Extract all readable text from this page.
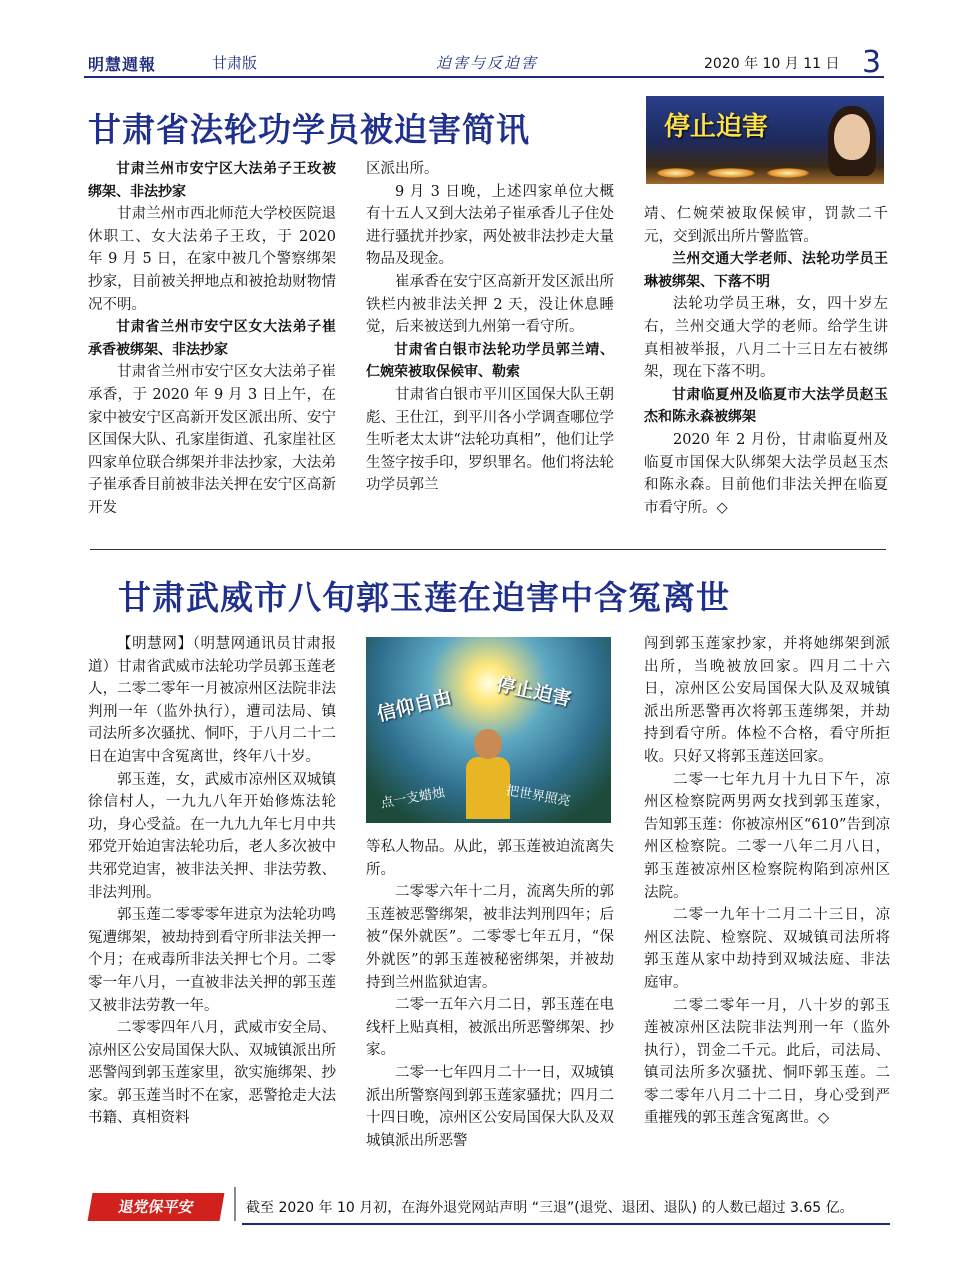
明慧週報	甘肃版	迫害与反迫害	2020 年 10 月 11 日 3
甘肃省法轮功学员被迫害简讯	停止迫害

甘肃兰州市安宁区大法弟子王玫被绑架、非法抄家

甘肃兰州市西北师范大学校医院退休职工、女大法弟子王玫，于 2020 年 9 月 5 日，在家中被几个警察绑架抄家，目前被关押地点和被抢劫财物情况不明。

甘肃省兰州市安宁区女大法弟子崔承香被绑架、非法抄家

甘肃省兰州市安宁区女大法弟子崔承香，于 2020 年 9 月 3 日上午，在家中被安宁区高新开发区派出所、安宁区国保大队、孔家崖街道、孔家崖社区四家单位联合绑架并非法抄家，大法弟子崔承香目前被非法关押在安宁区高新开发

区派出所。

9 月 3 日晚，上述四家单位大概有十五人又到大法弟子崔承香儿子住处进行骚扰并抄家，两处被非法抄走大量物品及现金。

崔承香在安宁区高新开发区派出所铁栏内被非法关押 2 天，没让休息睡觉，后来被送到九州第一看守所。

甘肃省白银市法轮功学员郭兰靖、仁婉荣被取保候审、勒索

甘肃省白银市平川区国保大队王朝彪、王仕江，到平川各小学调查哪位学生听老太太讲“法轮功真相”，他们让学生签字按手印，罗织罪名。他们将法轮功学员郭兰

靖、仁婉荣被取保候审，罚款二千元，交到派出所片警监管。

兰州交通大学老师、法轮功学员王琳被绑架、下落不明

法轮功学员王琳，女，四十岁左右，兰州交通大学的老师。给学生讲真相被举报，八月二十三日左右被绑架，现在下落不明。

甘肃临夏州及临夏市大法学员赵玉杰和陈永森被绑架

2020 年 2 月份，甘肃临夏州及临夏市国保大队绑架大法学员赵玉杰和陈永森。目前他们非法关押在临夏市看守所。◇

甘肃武威市八旬郭玉莲在迫害中含冤离世

【明慧网】（明慧网通讯员甘肃报道）甘肃省武威市法轮功学员郭玉莲老人，二零二零年一月被凉州区法院非法判刑一年（监外执行），遭司法局、镇司法所多次骚扰、恫吓，于八月二十二日在迫害中含冤离世，终年八十岁。

郭玉莲，女，武威市凉州区双城镇徐信村人，一九九八年开始修炼法轮功，身心受益。在一九九九年七月中共邪党开始迫害法轮功后，老人多次被中共邪党迫害，被非法关押、非法劳教、非法判刑。

郭玉莲二零零零年进京为法轮功鸣冤遭绑架，被劫持到看守所非法关押一个月；在戒毒所非法关押七个月。二零零一年八月，一直被非法关押的郭玉莲又被非法劳教一年。

二零零四年八月，武威市安全局、凉州区公安局国保大队、双城镇派出所恶警闯到郭玉莲家里，欲实施绑架、抄家。郭玉莲当时不在家，恶警抢走大法书籍、真相资料

信仰自由 停止迫害
点一支蜡烛	把世界照亮

等私人物品。从此，郭玉莲被迫流离失所。

二零零六年十二月，流离失所的郭玉莲被恶警绑架，被非法判刑四年；后被“保外就医”。二零零七年五月，“保外就医”的郭玉莲被秘密绑架，并被劫持到兰州监狱迫害。

二零一五年六月二日，郭玉莲在电线杆上贴真相，被派出所恶警绑架、抄家。

二零一七年四月二十一日，双城镇派出所警察闯到郭玉莲家骚扰；四月二十四日晚，凉州区公安局国保大队及双城镇派出所恶警

闯到郭玉莲家抄家，并将她绑架到派出所，当晚被放回家。四月二十六日，凉州区公安局国保大队及双城镇派出所恶警再次将郭玉莲绑架，并劫持到看守所。体检不合格，看守所拒收。只好又将郭玉莲送回家。

二零一七年九月十九日下午，凉州区检察院两男两女找到郭玉莲家，告知郭玉莲：你被凉州区“610”告到凉州区检察院。二零一八年二月八日，郭玉莲被凉州区检察院构陷到凉州区法院。

二零一九年十二月二十三日，凉州区法院、检察院、双城镇司法所将郭玉莲从家中劫持到双城法庭、非法庭审。

二零二零年一月，八十岁的郭玉莲被凉州区法院非法判刑一年（监外执行），罚金二千元。此后，司法局、镇司法所多次骚扰、恫吓郭玉莲。二零二零年八月二十二日，身心受到严重摧残的郭玉莲含冤离世。◇

退党保平安	截至 2020 年 10 月初，在海外退党网站声明 “三退”(退党、退团、退队) 的人数已超过 3.65 亿。
